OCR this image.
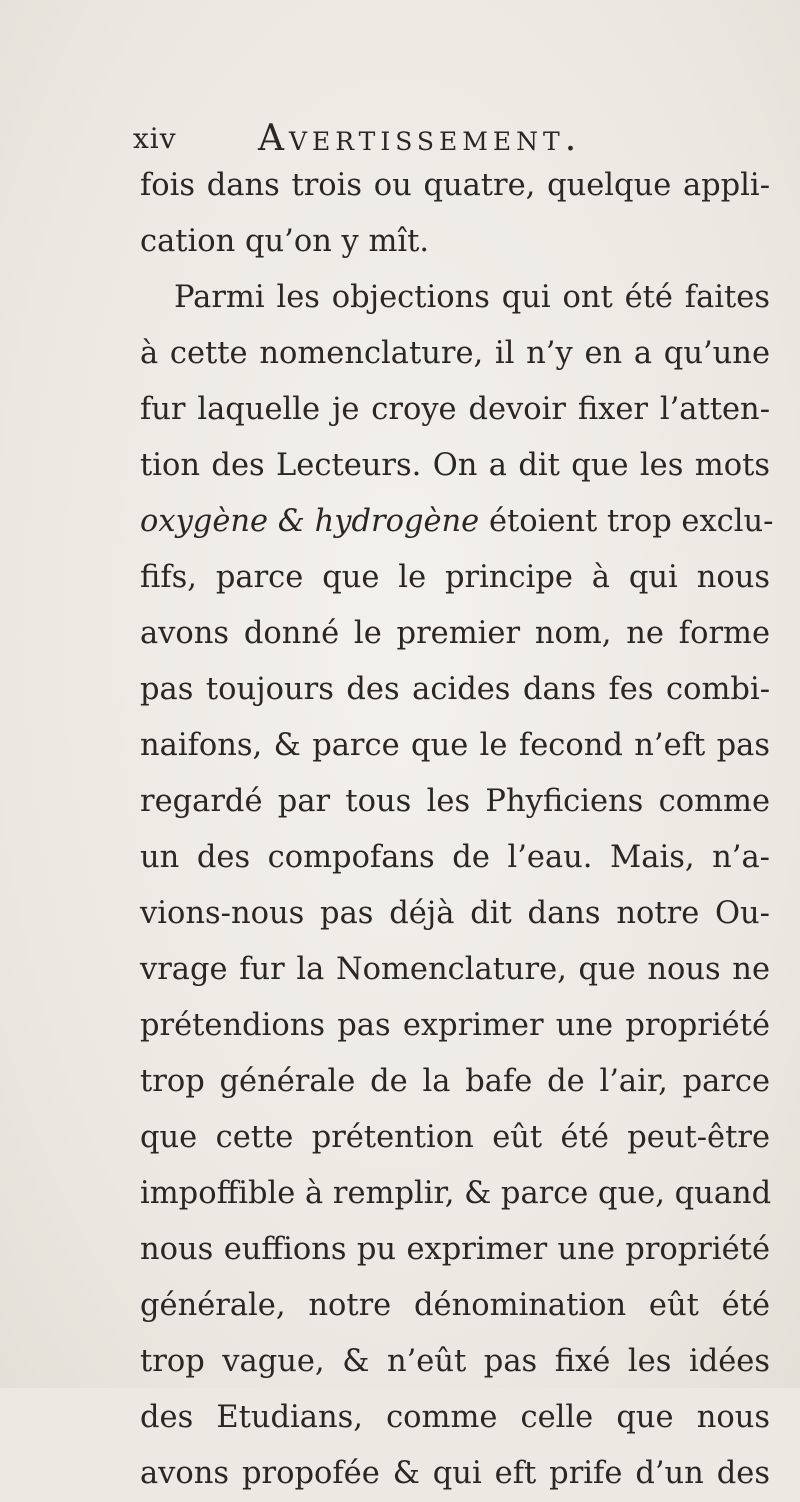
xiv Avertissement.
fois dans trois ou quatre, quelque appli-
cation qu’on y mît.
Parmi les objections qui ont été faites
à cette nomenclature, il n’y en a qu’une
fur laquelle je croye devoir fixer l’atten-
tion des Lecteurs. On a dit que les mots
oxygène & hydrogène étoient trop exclu-
fifs, parce que le principe à qui nous
avons donné le premier nom, ne forme
pas toujours des acides dans fes combi-
naifons, & parce que le fecond n’eft pas
regardé par tous les Phyficiens comme
un des compofans de l’eau. Mais, n’a-
vions-nous pas déjà dit dans notre Ou-
vrage fur la Nomenclature, que nous ne
prétendions pas exprimer une propriété
trop générale de la bafe de l’air, parce
que cette prétention eût été peut-être
impoffible à remplir, & parce que, quand
nous euffions pu exprimer une propriété
générale, notre dénomination eût été
trop vague, & n’eût pas fixé les idées
des Etudians, comme celle que nous
avons propofée & qui eft prife d’un des
